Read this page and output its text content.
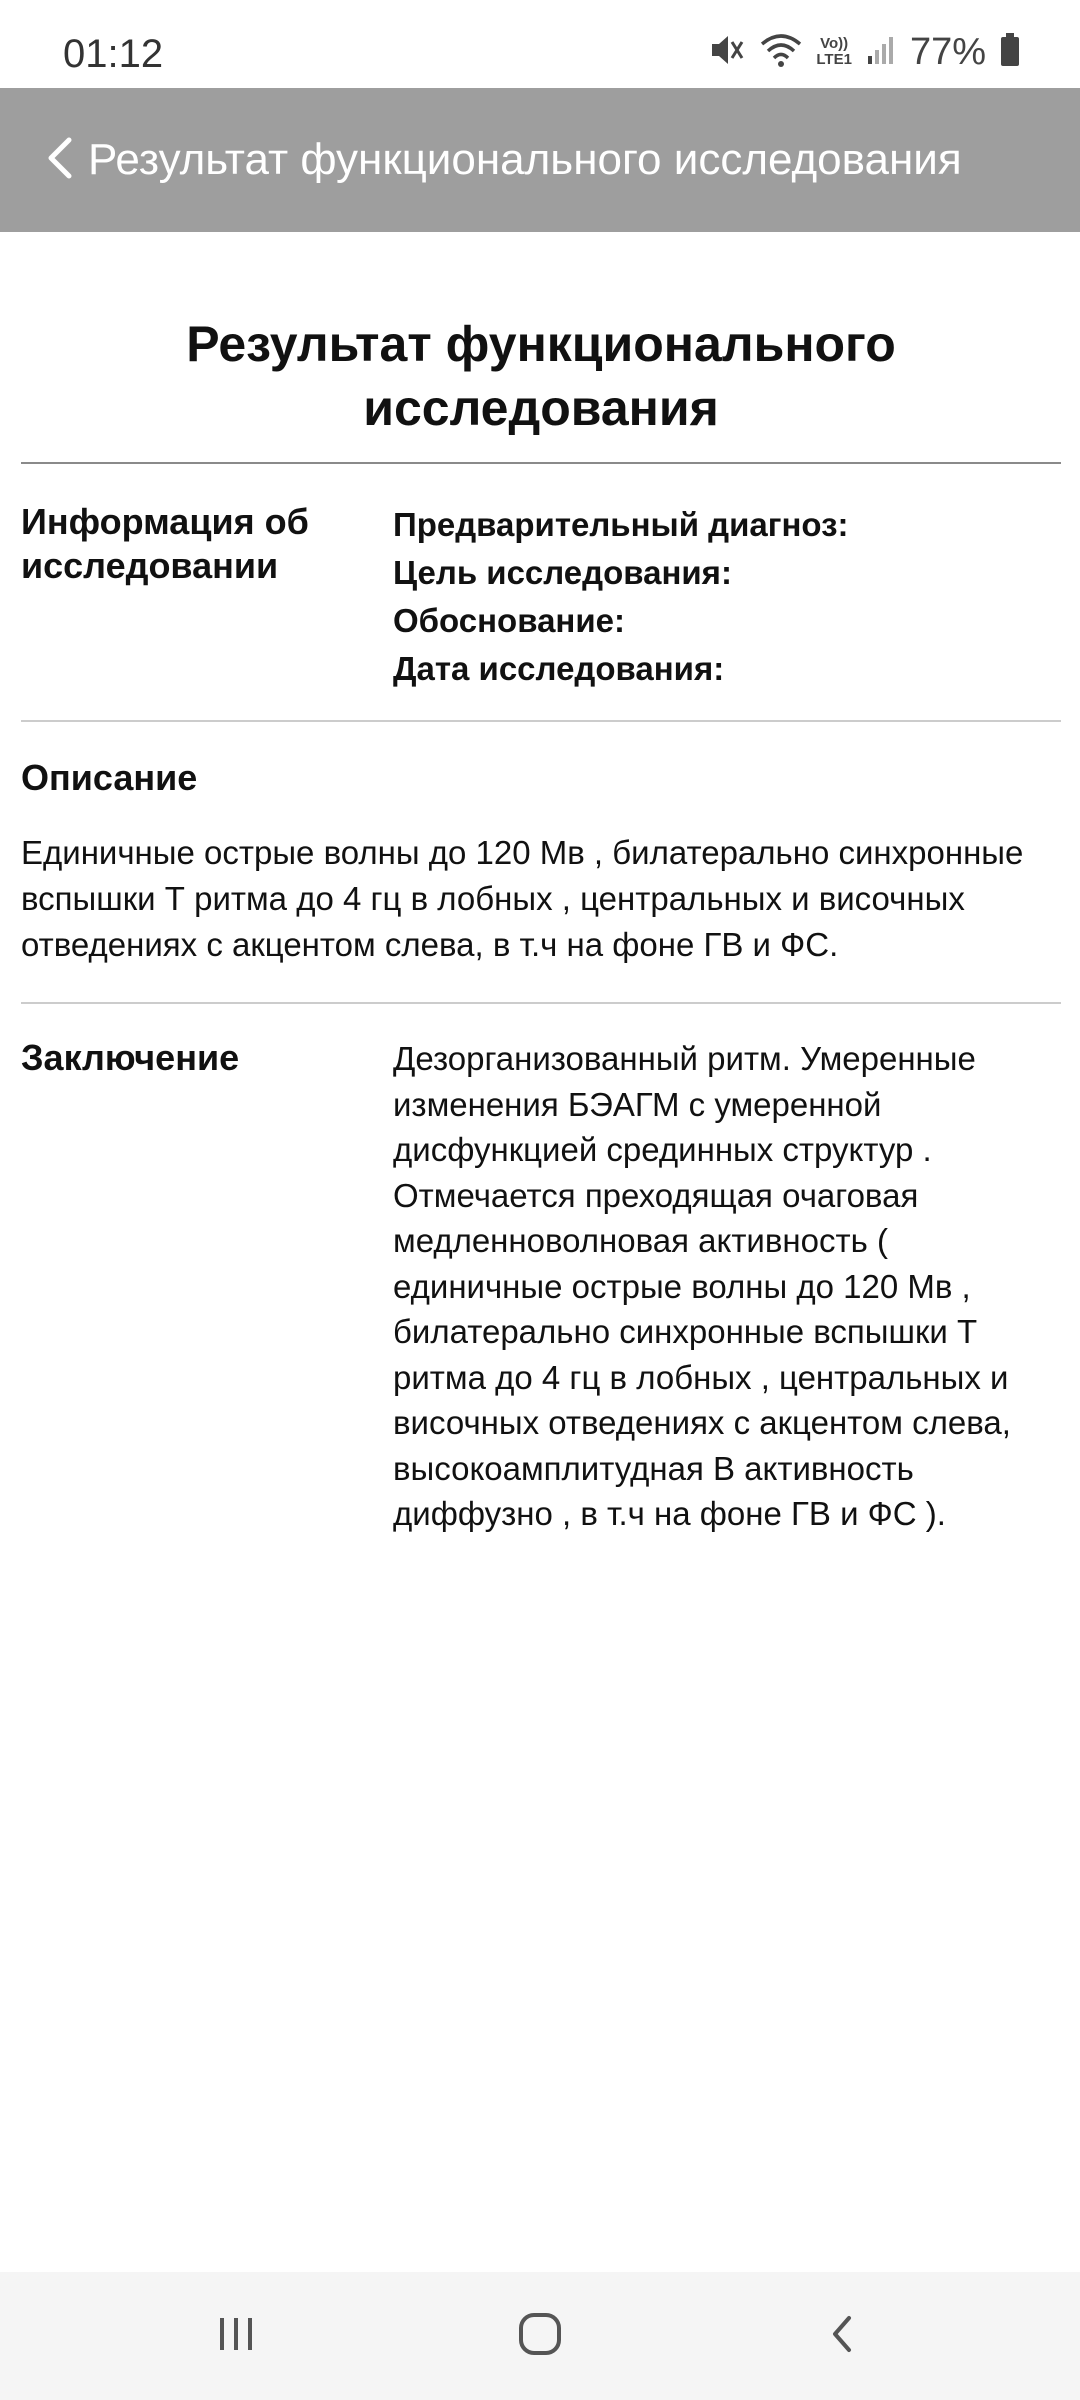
01:12	Vo))
LTE1 77%
Результат функционального исследования
Результат функционального исследования
Информация об исследовании
Предварительный диагноз:
Цель исследования:
Обоснование:
Дата исследования:
Описание
Единичные острые волны до 120 Мв , билатерально синхронные вспышки Т ритма до 4 гц в лобных , центральных и височных отведениях с акцентом слева, в т.ч на фоне ГВ и ФС.
Заключение	Дезорганизованный ритм. Умеренные изменения БЭАГМ с умеренной дисфункцией срединных структур . Отмечается преходящая очаговая медленноволновая активность ( единичные острые волны до 120 Мв , билатерально синхронные вспышки Т ритма до 4 гц в лобных , центральных и височных отведениях с акцентом слева, высокоамплитудная В активность диффузно , в т.ч на фоне ГВ и ФС ).
